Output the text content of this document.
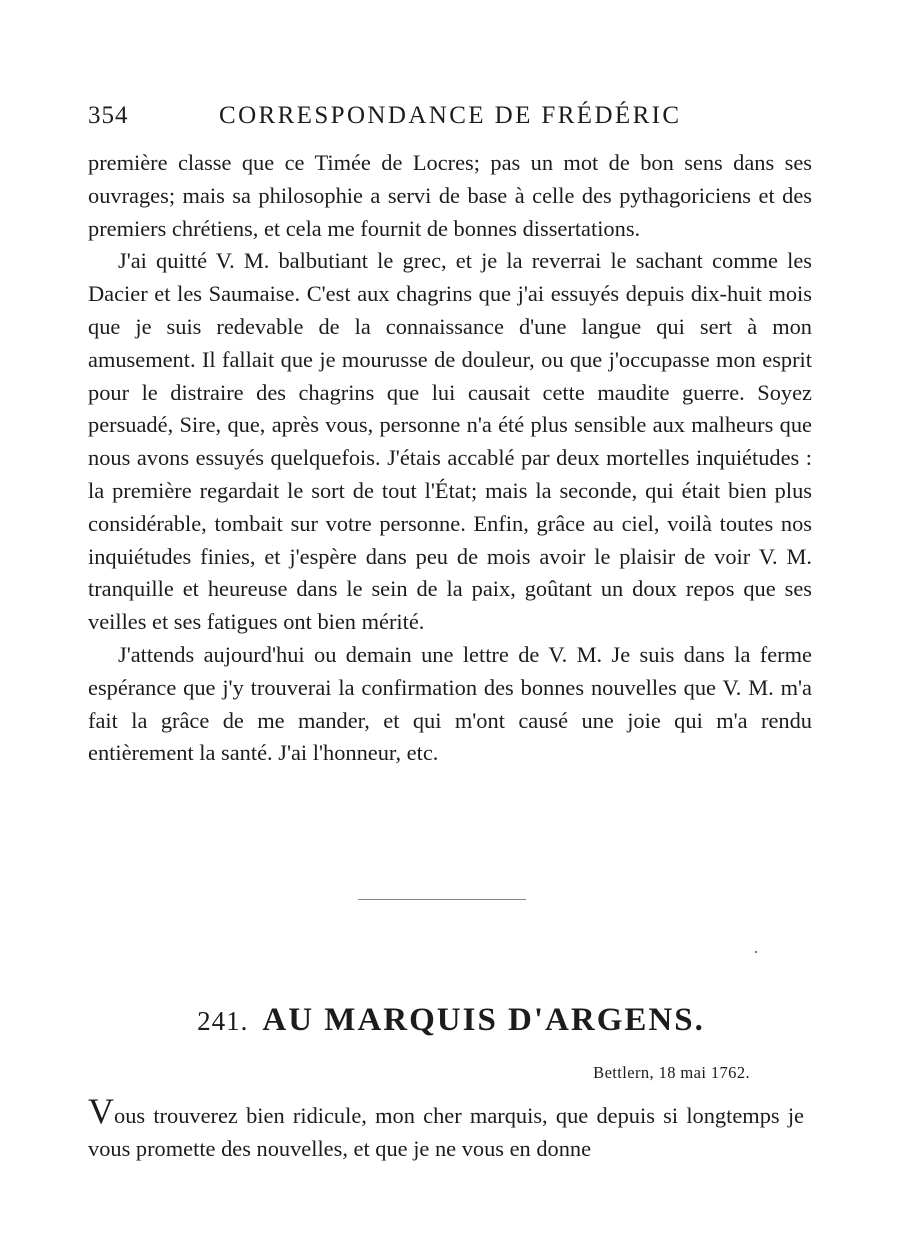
354	CORRESPONDANCE DE FRÉDÉRIC

première classe que ce Timée de Locres; pas un mot de bon sens dans ses ouvrages; mais sa philosophie a servi de base à celle des pythagoriciens et des premiers chrétiens, et cela me fournit de bonnes dissertations.

J'ai quitté V. M. balbutiant le grec, et je la reverrai le sachant comme les Dacier et les Saumaise. C'est aux chagrins que j'ai essuyés depuis dix-huit mois que je suis redevable de la connaissance d'une langue qui sert à mon amusement. Il fallait que je mourusse de douleur, ou que j'occupasse mon esprit pour le distraire des chagrins que lui causait cette maudite guerre. Soyez persuadé, Sire, que, après vous, personne n'a été plus sensible aux malheurs que nous avons essuyés quelquefois. J'étais accablé par deux mortelles inquiétudes : la première regardait le sort de tout l'État; mais la seconde, qui était bien plus considérable, tombait sur votre personne. Enfin, grâce au ciel, voilà toutes nos inquiétudes finies, et j'espère dans peu de mois avoir le plaisir de voir V. M. tranquille et heureuse dans le sein de la paix, goûtant un doux repos que ses veilles et ses fatigues ont bien mérité.

J'attends aujourd'hui ou demain une lettre de V. M. Je suis dans la ferme espérance que j'y trouverai la confirmation des bonnes nouvelles que V. M. m'a fait la grâce de me mander, et qui m'ont causé une joie qui m'a rendu entièrement la santé. J'ai l'honneur, etc.

241. AU MARQUIS D'ARGENS.
Bettlern, 18 mai 1762.

Vous trouverez bien ridicule, mon cher marquis, que depuis si longtemps je vous promette des nouvelles, et que je ne vous en donne
